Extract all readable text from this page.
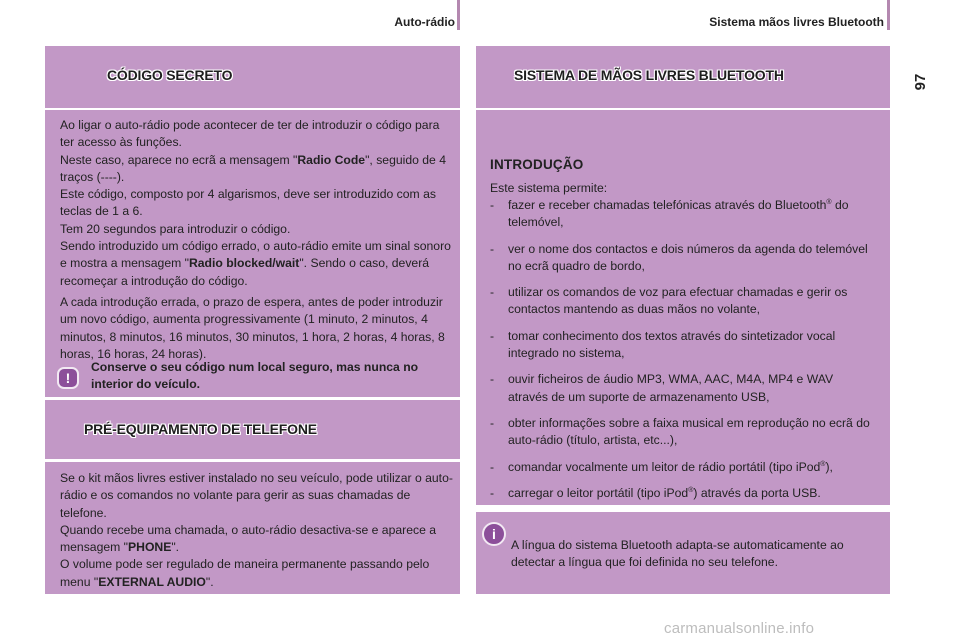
Auto-rádio	Sistema mãos livres Bluetooth
97
CÓDIGO SECRETO

Ao ligar o auto-rádio pode acontecer de ter de introduzir o código para ter acesso às funções.
Neste caso, aparece no ecrã a mensagem "Radio Code", seguido de 4 traços (----).
Este código, composto por 4 algarismos, deve ser introduzido com as teclas de 1 a 6.
Tem 20 segundos para introduzir o código.
Sendo introduzido um código errado, o auto-rádio emite um sinal sonoro e mostra a mensagem "Radio blocked/wait". Sendo o caso, deverá recomeçar a introdução do código.

A cada introdução errada, o prazo de espera, antes de poder introduzir um novo código, aumenta progressivamente (1 minuto, 2 minutos, 4 minutos, 8 minutos, 16 minutos, 30 minutos, 1 hora, 2 horas, 4 horas, 8 horas, 16 horas, 24 horas).

!
Conserve o seu código num local seguro, mas nunca no interior do veículo.
PRÉ-EQUIPAMENTO DE TELEFONE

Se o kit mãos livres estiver instalado no seu veículo, pode utilizar o auto-rádio e os comandos no volante para gerir as suas chamadas de telefone.
Quando recebe uma chamada, o auto-rádio desactiva-se e aparece a mensagem "PHONE".
O volume pode ser regulado de maneira permanente passando pelo menu "EXTERNAL AUDIO".

SISTEMA DE MÃOS LIVRES BLUETOOTH
INTRODUÇÃO
Este sistema permite:
- fazer e receber chamadas telefónicas através do Bluetooth® do telemóvel,
- ver o nome dos contactos e dois números da agenda do telemóvel no ecrã quadro de bordo,
- utilizar os comandos de voz para efectuar chamadas e gerir os contactos mantendo as duas mãos no volante,
- tomar conhecimento dos textos através do sintetizador vocal integrado no sistema,
- ouvir ficheiros de áudio MP3, WMA, AAC, M4A, MP4 e WAV através de um suporte de armazenamento USB,
- obter informações sobre a faixa musical em reprodução no ecrã do auto-rádio (título, artista, etc...),
- comandar vocalmente um leitor de rádio portátil (tipo iPod®),
- carregar o leitor portátil (tipo iPod®) através da porta USB.
i
A língua do sistema Bluetooth adapta-se automaticamente ao detectar a língua que foi definida no seu telefone.
carmanualsonline.info
